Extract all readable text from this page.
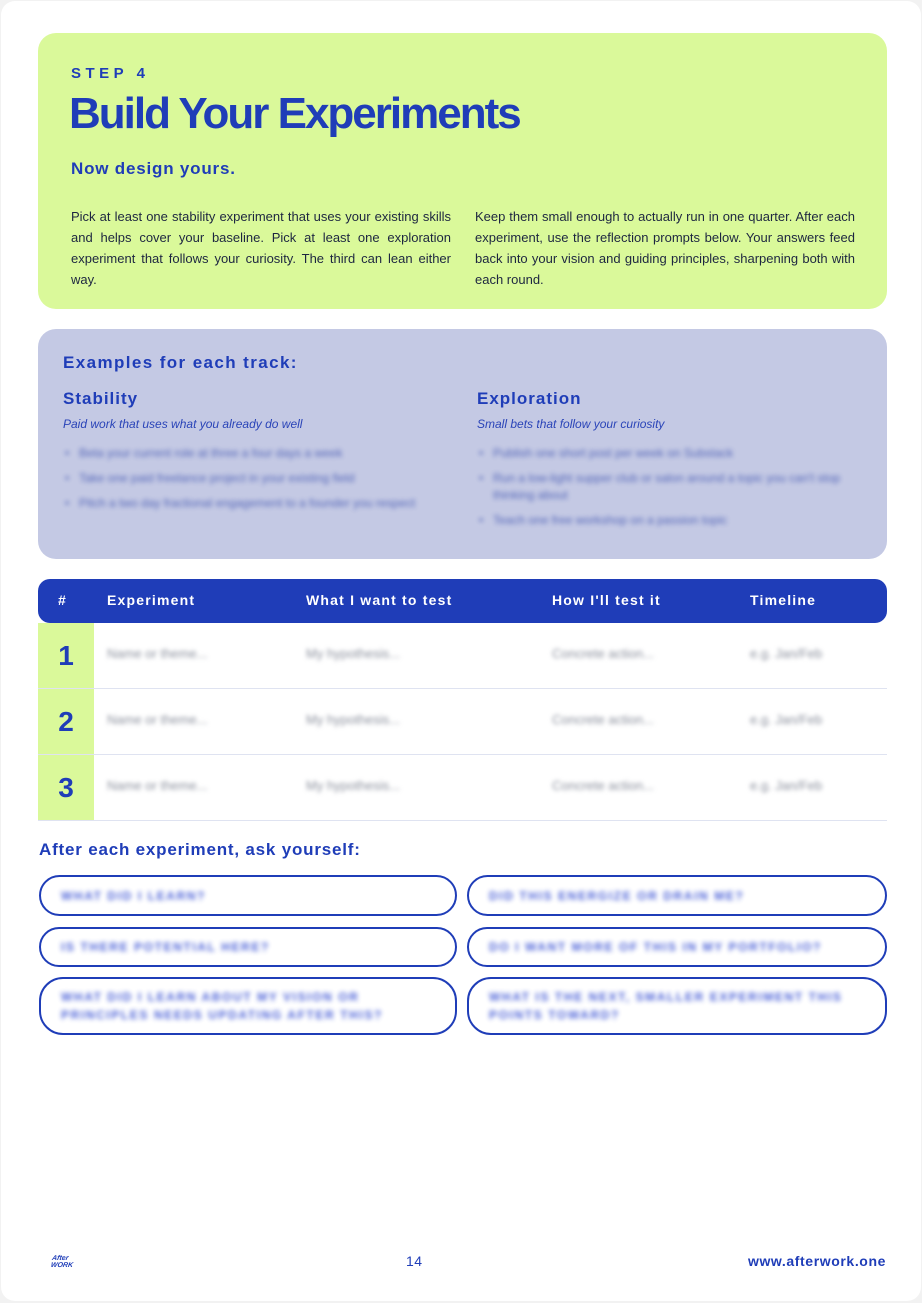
STEP 4
Build Your Experiments
Now design yours.

Pick at least one stability experiment that uses your existing skills and helps cover your baseline. Pick at least one exploration experiment that follows your curiosity. The third can lean either way.

Keep them small enough to actually run in one quarter. After each experiment, use the reflection prompts below. Your answers feed back into your vision and guiding principles, sharpening both with each round.

Examples for each track:
Stability
Paid work that uses what you already do well
• Beta your current role at three a four days a week
• Take one paid freelance project in your existing field
• Pitch a two day fractional engagement to a founder you respect
Exploration
Small bets that follow your curiosity
• Publish one short post per week on Substack
• Run a low-light supper club or salon around a topic you can't stop thinking about
• Teach one free workshop on a passion topic
#	Experiment	What I want to test	How I'll test it	Timeline
1	Name or theme...	My hypothesis...	Concrete action...	e.g. Jan/Feb
2	Name or theme...	My hypothesis...	Concrete action...	e.g. Jan/Feb
3	Name or theme...	My hypothesis...	Concrete action...	e.g. Jan/Feb
After each experiment, ask yourself:
WHAT DID I LEARN?	DID THIS ENERGIZE OR DRAIN ME?
IS THERE POTENTIAL HERE?	DO I WANT MORE OF THIS IN MY PORTFOLIO?
WHAT DID I LEARN ABOUT MY VISION OR PRINCIPLES NEEDS UPDATING AFTER THIS?
WHAT IS THE NEXT, SMALLER EXPERIMENT THIS POINTS TOWARD?
After
WORK	14	www.afterwork.one
